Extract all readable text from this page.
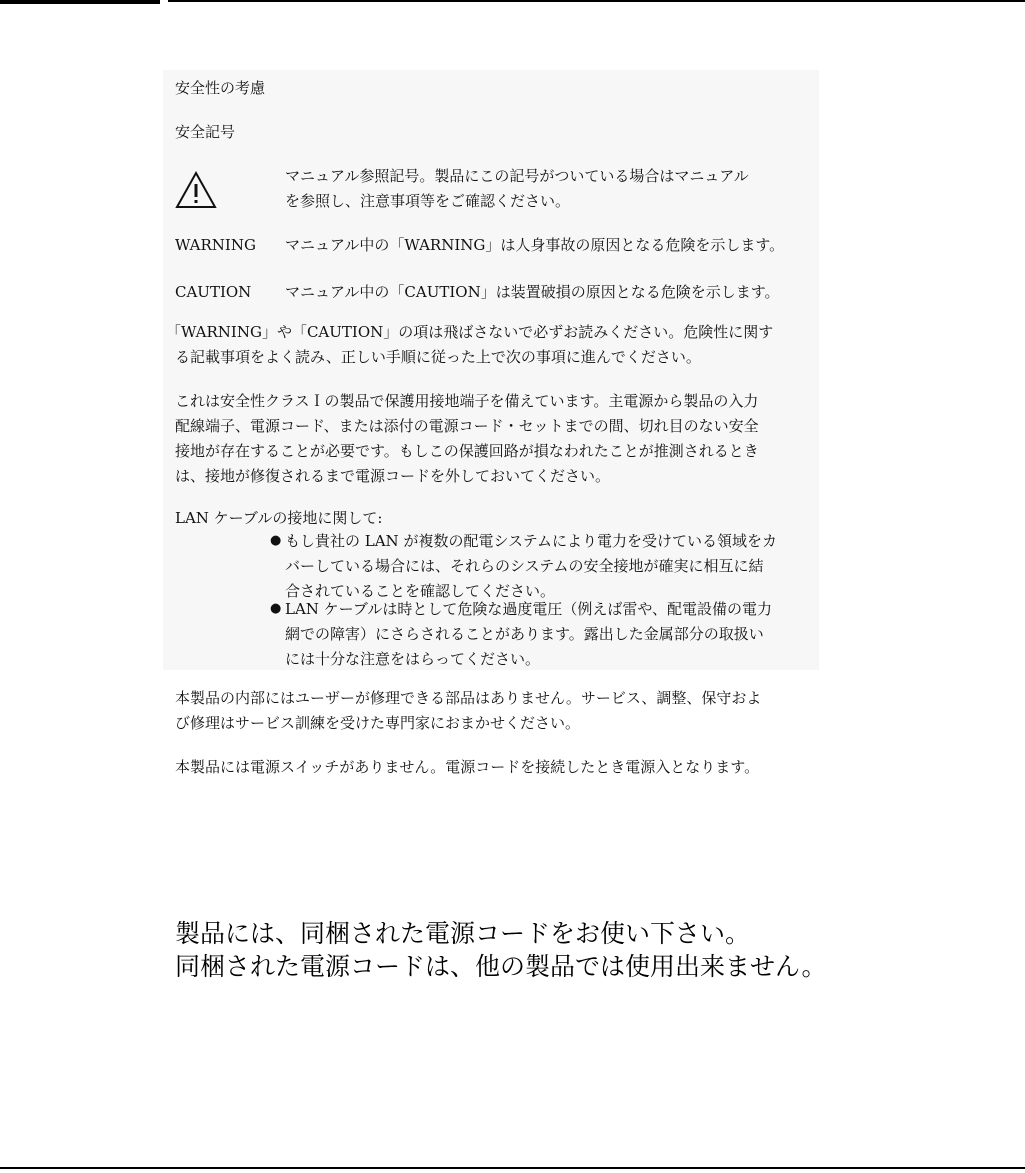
安全性の考慮
安全記号
マニュアル参照記号。製品にこの記号がついている場合はマニュアル
を参照し、注意事項等をご確認ください。
WARNING マニュアル中の「WARNING」は人身事故の原因となる危険を示します。
CAUTION マニュアル中の「CAUTION」は装置破損の原因となる危険を示します。
「WARNING」や「CAUTION」の項は飛ばさないで必ずお読みください。危険性に関す
る記載事項をよく読み、正しい手順に従った上で次の事項に進んでください。
これは安全性クラスＩの製品で保護用接地端子を備えています。主電源から製品の入力
配線端子、電源コード、または添付の電源コード・セットまでの間、切れ目のない安全
接地が存在することが必要です。もしこの保護回路が損なわれたことが推測されるとき
は、接地が修復されるまで電源コードを外しておいてください。
LAN ケーブルの接地に関して:
● もし貴社の LAN が複数の配電システムにより電力を受けている領域をカ
バーしている場合には、それらのシステムの安全接地が確実に相互に結
合されていることを確認してください。
● LAN ケーブルは時として危険な過度電圧（例えば雷や、配電設備の電力
網での障害）にさらされることがあります。露出した金属部分の取扱い
には十分な注意をはらってください。
本製品の内部にはユーザーが修理できる部品はありません。サービス、調整、保守およ
び修理はサービス訓練を受けた専門家におまかせください。
本製品には電源スイッチがありません。電源コードを接続したとき電源入となります。
製品には、同梱された電源コードをお使い下さい。
同梱された電源コードは、他の製品では使用出来ません。
